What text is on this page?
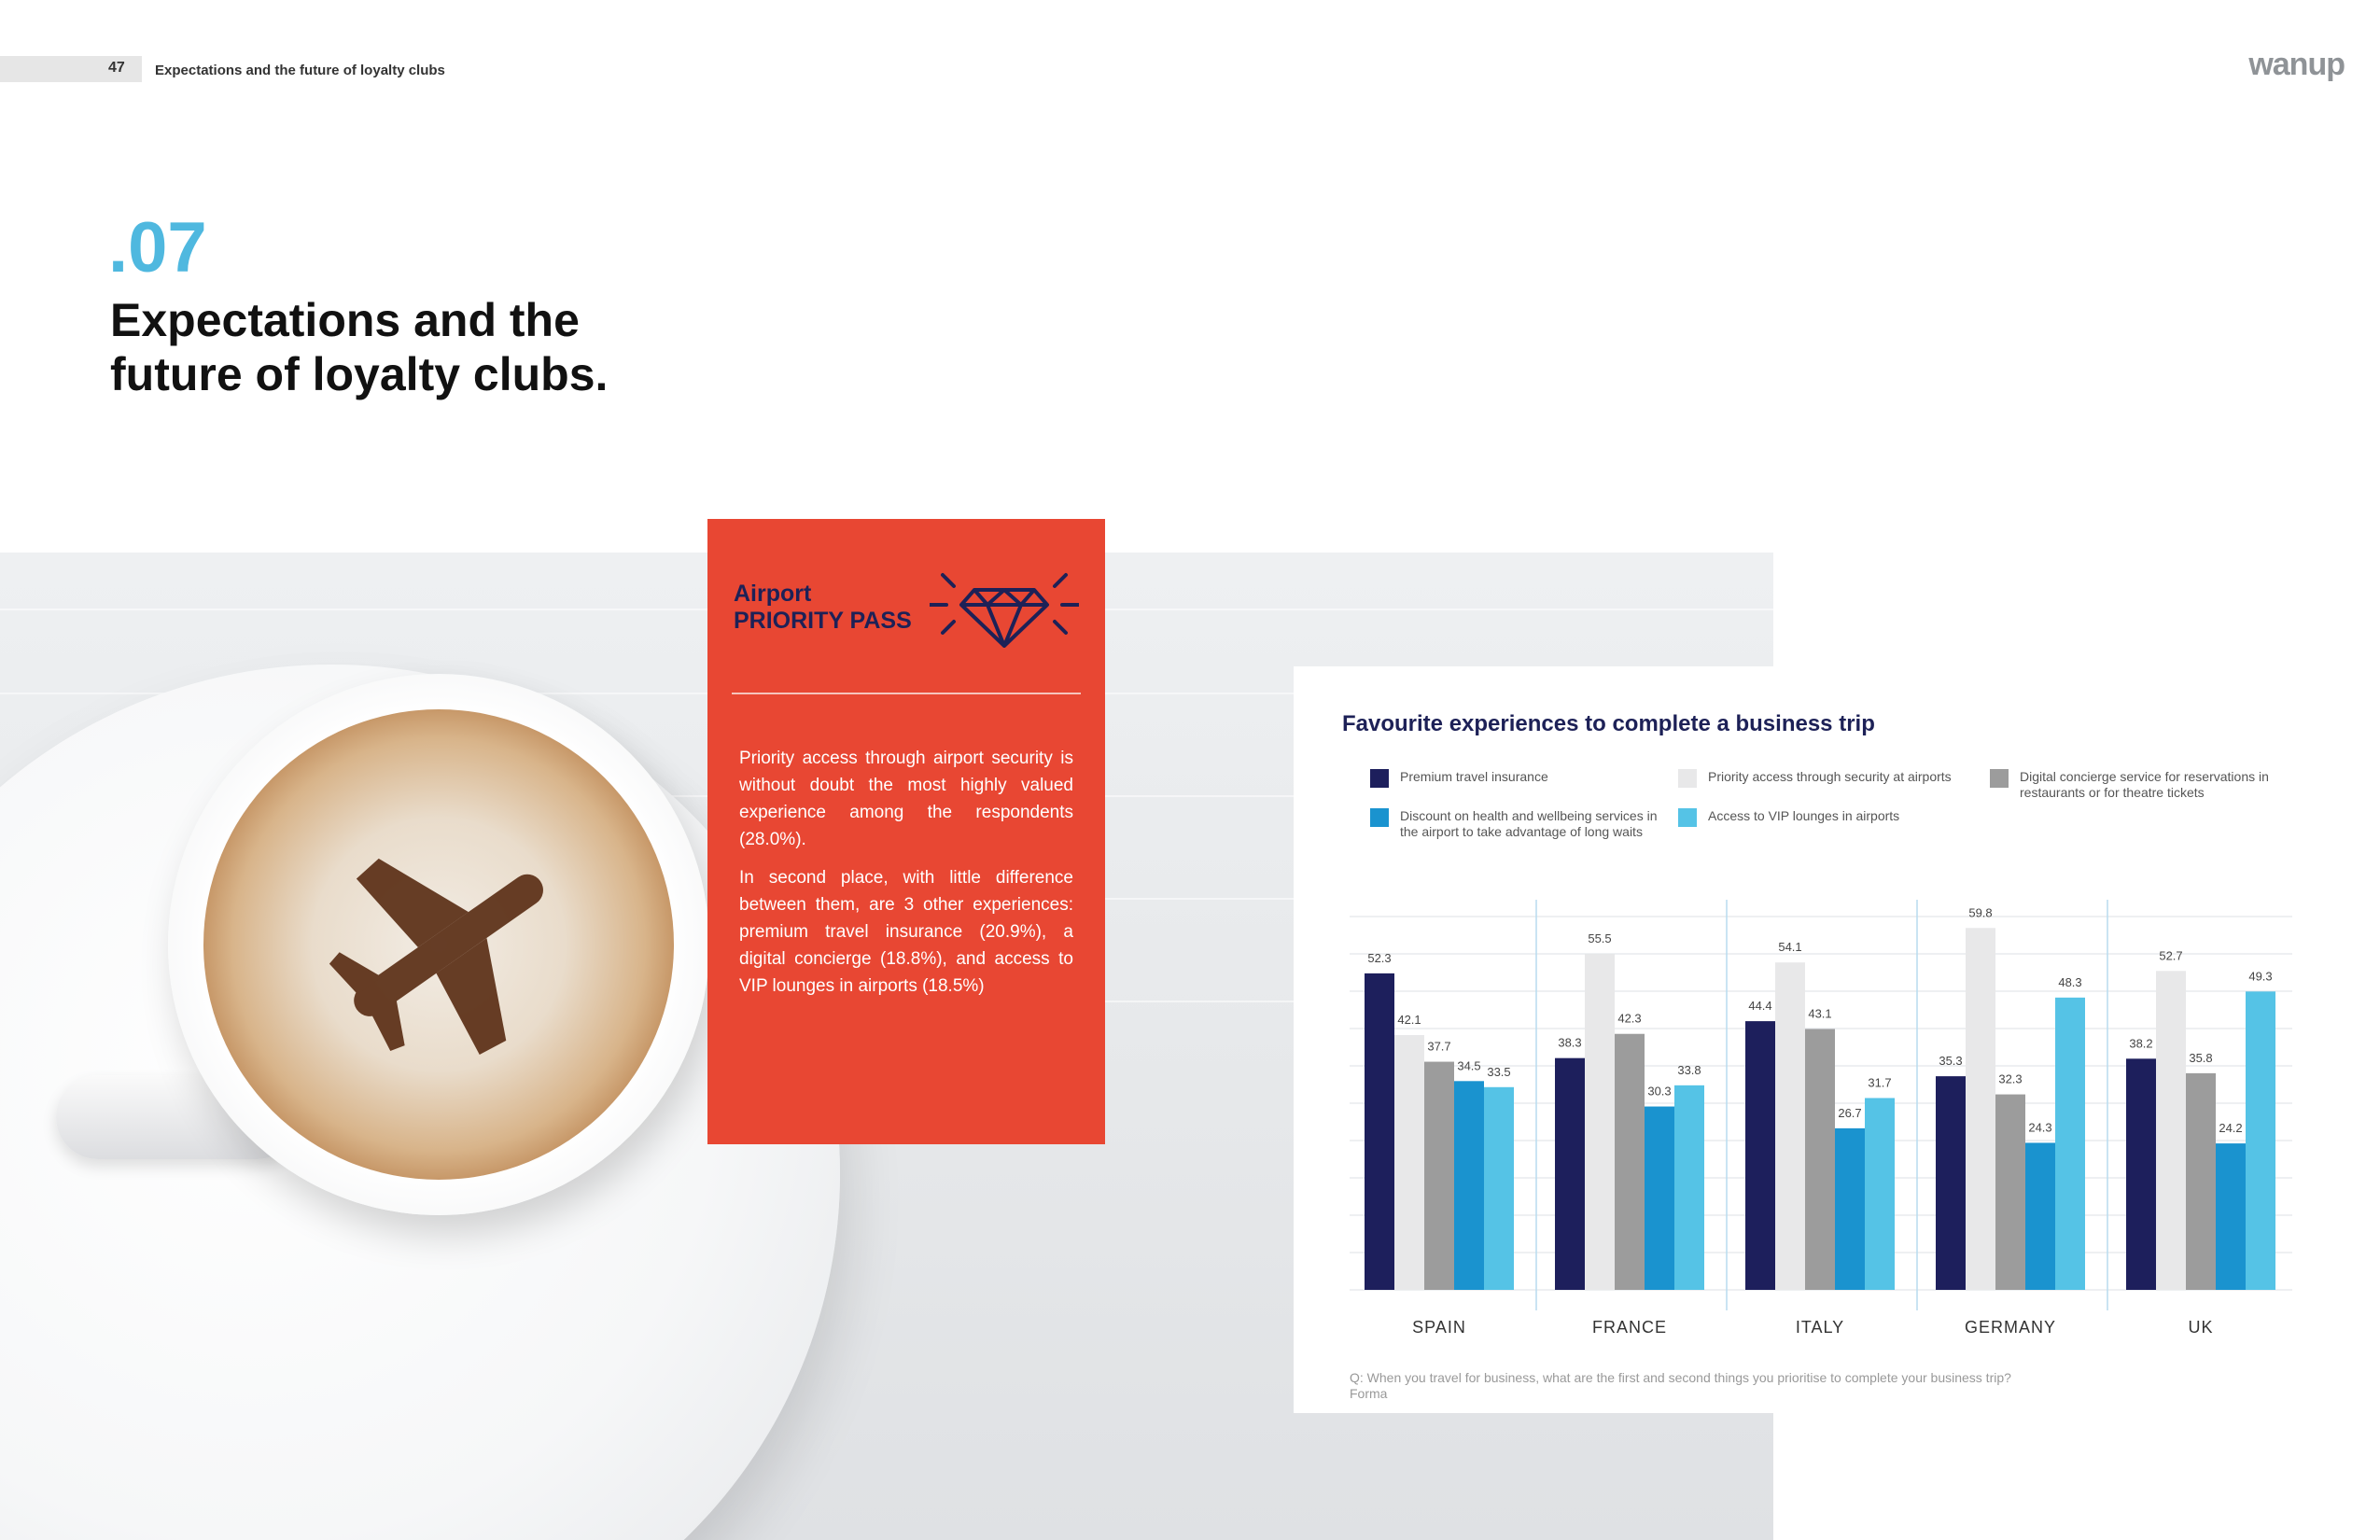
47 Expectations and the future of loyalty clubs	wanup
.07
Expectations and the future of loyalty clubs.
Airport
PRIORITY PASS

Priority access through airport security is without doubt the most highly valued experience among the respondents (28.0%).

In second place, with little difference between them, are 3 other experiences: premium travel insurance (20.9%), a digital concierge (18.8%), and access to VIP lounges in airports (18.5%)

Favourite experiences to complete a business trip
Premium travel insurance	Priority access through security at airports	Digital concierge service for reservations in restaurants or for theatre tickets
Discount on health and wellbeing services in the airport to take advantage of long waits
Access to VIP lounges in airports
52.3
42.1
37.7
34.5 33.5
SPAIN
38.3
55.5
42.3
30.3
33.8
FRANCE
44.4
54.1
43.1
26.7
31.7
ITALY
35.3
59.8
32.3
24.3
48.3
GERMANY
38.2
52.7
35.8
24.2
49.3
UK
Q: When you travel for business, what are the first and second things you prioritise to complete your business trip?
Forma
